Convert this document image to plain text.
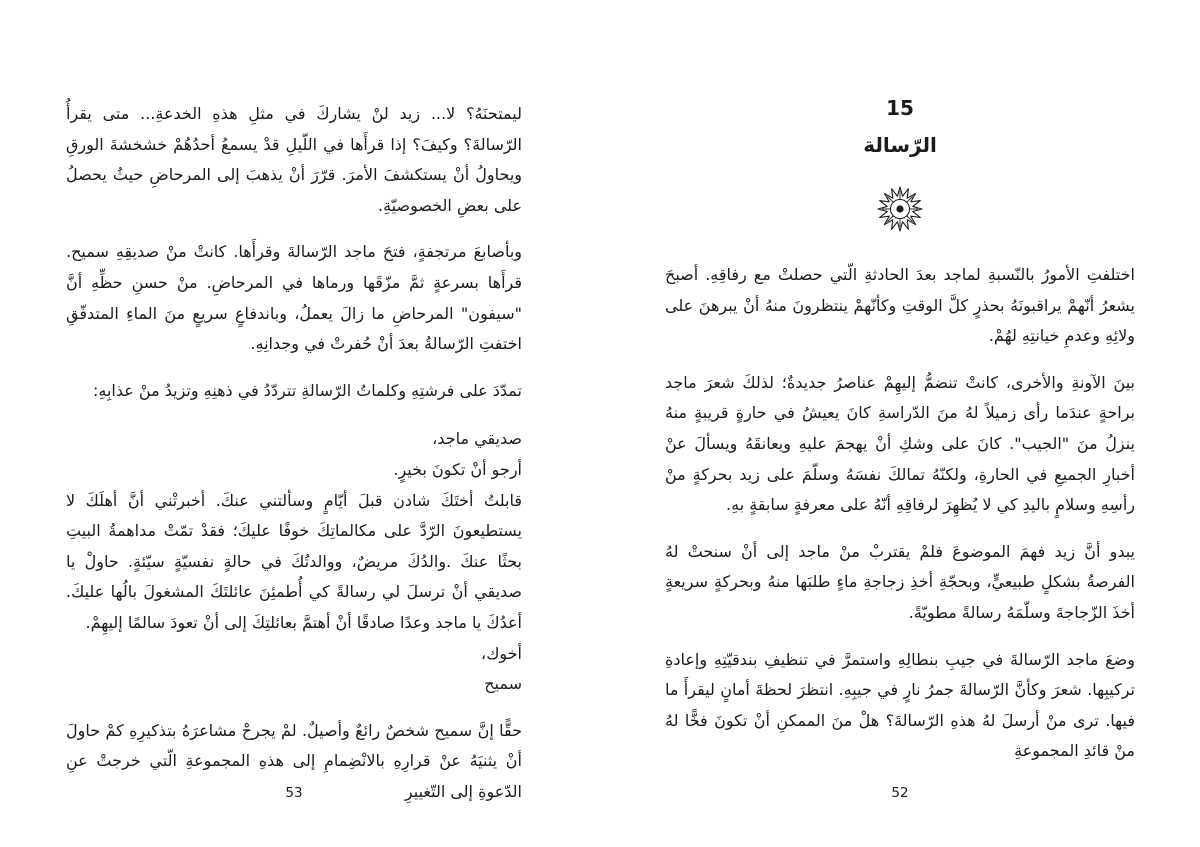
15
الرّسالة

اختلفتِ الأمورُ بالنّسبةِ لماجد بعدَ الحادثةِ الّتي حصلتْ مع رفاقِهِ. أصبحَ يشعرُ أنّهمْ يراقبونَهُ بحذرٍ كلَّ الوقتِ وكأنّهمْ ينتظرونَ منهُ أنْ يبرهنَ على ولائِهِ وعدمِ خيانتِهِ لهُمْ.

بينَ الآونةِ والأخرى، كانتْ تنضمُّ إليهِمْ عناصرُ جديدةٌ؛ لذلكَ شعرَ ماجد براحةٍ عندَما رأى زميلاً لهُ منَ الدّراسةِ كانَ يعيشُ في حارةٍ قريبةٍ منهُ ينزلُ منَ "الجيب". كانَ على وشكِ أنْ يهجمَ عليهِ ويعانقَهُ ويسألَ عنْ أخبارِ الجميعِ في الحارةِ، ولكنّهُ تمالكَ نفسَهُ وسلّمَ على زيد بحركةٍ منْ رأسِهِ وسلامٍ باليدِ كي لا يُظهِرَ لرفاقِهِ أنّهُ على معرفةٍ سابقةٍ بهِ.

يبدو أنَّ زيد فهمَ الموضوعَ فلمْ يقتربْ منْ ماجد إلى أنْ سنحتْ لهُ الفرصةُ بشكلٍ طبيعيٍّ، وبحجّةِ أخذِ زجاجةِ ماءٍ طلبَها منهُ وبحركةٍ سريعةٍ أخذَ الزّجاجةَ وسلّمَهُ رسالةً مطويّةً.

وضعَ ماجد الرّسالةَ في جيبِ بنطالِهِ واستمرَّ في تنظيفِ بندقيّتِهِ وإعادةِ تركيبِها. شعرَ وكأنَّ الرّسالةَ جمرُ نارٍ في جيبِهِ. انتظرَ لحظةَ أمانٍ ليقرأَ ما فيها. ترى منْ أرسلَ لهُ هذهِ الرّسالةَ؟ هلْ منَ الممكنِ أنْ تكونَ فخًّا لهُ منْ قائدِ المجموعةِ

ليمتحنَهُ؟ لا... زيد لنْ يشاركَ في مثلِ هذهِ الخدعةِ... متى يقرأُ الرّسالةَ؟ وكيفَ؟ إذا قرأَها في اللّيلِ قدْ يسمعُ أحدُهُمْ خشخشةَ الورقِ ويحاولُ أنْ يستكشفَ الأمرَ. قرّرَ أنْ يذهبَ إلى المرحاضِ حيثُ يحصلُ على بعضِ الخصوصيّةِ.

وبأصابعَ مرتجفةٍ، فتحَ ماجد الرّسالةَ وقرأَها. كانتْ منْ صديقِهِ سميح. قرأَها بسرعةٍ ثمَّ مزّقَها ورماها في المرحاضِ. منْ حسنِ حظِّهِ أنَّ "سيفون" المرحاضِ ما زالَ يعملُ، وباندفاعٍ سريعٍ منَ الماءِ المتدفّقِ اختفتِ الرّسالةُ بعدَ أنْ حُفرتْ في وجدانِهِ.

تمدّدَ على فرشتِهِ وكلماتُ الرّسالةِ تتردّدُ في ذهنِهِ وتزيدُ منْ عذابِهِ:

صديقي ماجد،
أرجو أنْ تكونَ بخيرٍ.
قابلتُ أختَكَ شادن قبلَ أيّامٍ وسألتني عنكَ. أخبرتْني أنَّ أهلَكَ لا يستطيعونَ الرّدَّ على مكالماتِكَ خوفًا عليكَ؛ فقدْ تمّتْ مداهمةُ البيتِ بحثًا عنكَ .والدُكَ مريضٌ، ووالدتُكَ في حالةٍ نفسيّةٍ سيّئةٍ. حاولْ يا صديقي أنْ ترسلَ لي رسالةً كي أُطمئِنَ عائلتَكَ المشغولَ بالُها عليكَ. أعدُكَ يا ماجد وعدًا صادقًا أنْ أهتمَّ بعائلتِكَ إلى أنْ تعودَ سالمًا إليهِمْ.
أخوك،
سميح

حقًّا إنَّ سميح شخصٌ رائعٌ وأصيلٌ. لمْ يجرحْ مشاعرَهُ بتذكيرِهِ كمْ حاولَ أنْ يثنيَهُ عنْ قرارِهِ بالانْضِمامِ إلى هذهِ المجموعةِ الّتي خرجتْ عنِ الدّعوةِ إلى التّغييرِ

53	52
